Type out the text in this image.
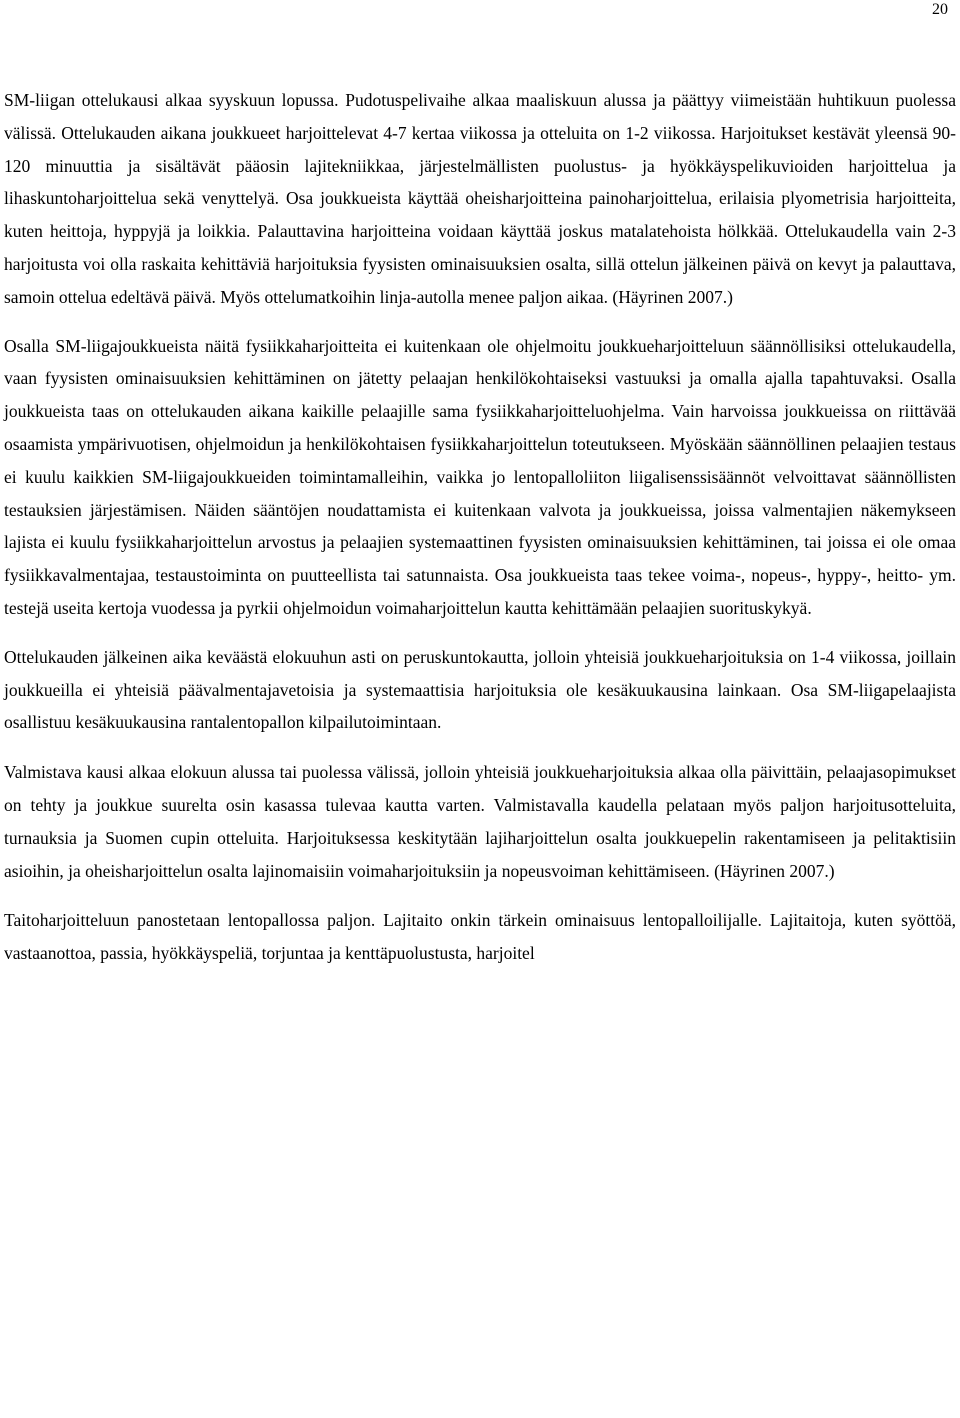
20

SM-liigan ottelukausi alkaa syyskuun lopussa. Pudotuspelivaihe alkaa maaliskuun alussa ja päättyy viimeistään huhtikuun puolessa välissä. Ottelukauden aikana joukkueet harjoittelevat 4-7 kertaa viikossa ja otteluita on 1-2 viikossa. Harjoitukset kestävät yleensä 90-120 minuuttia ja sisältävät pääosin lajitekniikkaa, järjestelmällisten puolustus- ja hyökkäyspelikuvioiden harjoittelua ja lihaskuntoharjoittelua sekä venyttelyä. Osa joukkueista käyttää oheisharjoitteina painoharjoittelua, erilaisia plyometrisia harjoitteita, kuten heittoja, hyppyjä ja loikkia. Palauttavina harjoitteina voidaan käyttää joskus matalatehoista hölkkää. Ottelukaudella vain 2-3 harjoitusta voi olla raskaita kehittäviä harjoituksia fyysisten ominaisuuksien osalta, sillä ottelun jälkeinen päivä on kevyt ja palauttava, samoin ottelua edeltävä päivä. Myös ottelumatkoihin linja-autolla menee paljon aikaa. (Häyrinen 2007.)

Osalla SM-liigajoukkueista näitä fysiikkaharjoitteita ei kuitenkaan ole ohjelmoitu joukkueharjoitteluun säännöllisiksi ottelukaudella, vaan fyysisten ominaisuuksien kehittäminen on jätetty pelaajan henkilökohtaiseksi vastuuksi ja omalla ajalla tapahtuvaksi. Osalla joukkueista taas on ottelukauden aikana kaikille pelaajille sama fysiikkaharjoitteluohjelma. Vain harvoissa joukkueissa on riittävää osaamista ympärivuotisen, ohjelmoidun ja henkilökohtaisen fysiikkaharjoittelun toteutukseen. Myöskään säännöllinen pelaajien testaus ei kuulu kaikkien SM-liigajoukkueiden toimintamalleihin, vaikka jo lentopalloliiton liigalisenssisäännöt velvoittavat säännöllisten testauksien järjestämisen. Näiden sääntöjen noudattamista ei kuitenkaan valvota ja joukkueissa, joissa valmentajien näkemykseen lajista ei kuulu fysiikkaharjoittelun arvostus ja pelaajien systemaattinen fyysisten ominaisuuksien kehittäminen, tai joissa ei ole omaa fysiikkavalmentajaa, testaustoiminta on puutteellista tai satunnaista. Osa joukkueista taas tekee voima-, nopeus-, hyppy-, heitto- ym. testejä useita kertoja vuodessa ja pyrkii ohjelmoidun voimaharjoittelun kautta kehittämään pelaajien suorituskykyä.

Ottelukauden jälkeinen aika keväästä elokuuhun asti on peruskuntokautta, jolloin yhteisiä joukkueharjoituksia on 1-4 viikossa, joillain joukkueilla ei yhteisiä päävalmentajavetoisia ja systemaattisia harjoituksia ole kesäkuukausina lainkaan. Osa SM-liigapelaajista osallistuu kesäkuukausina rantalentopallon kilpailutoimintaan.

Valmistava kausi alkaa elokuun alussa tai puolessa välissä, jolloin yhteisiä joukkueharjoituksia alkaa olla päivittäin, pelaajasopimukset on tehty ja joukkue suurelta osin kasassa tulevaa kautta varten. Valmistavalla kaudella pelataan myös paljon harjoitusotteluita, turnauksia ja Suomen cupin otteluita. Harjoituksessa keskitytään lajiharjoittelun osalta joukkuepelin rakentamiseen ja pelitaktisiin asioihin, ja oheisharjoittelun osalta lajinomaisiin voimaharjoituksiin ja nopeusvoiman kehittämiseen. (Häyrinen 2007.)

Taitoharjoitteluun panostetaan lentopallossa paljon. Lajitaito onkin tärkein ominaisuus lentopalloilijalle. Lajitaitoja, kuten syöttöä, vastaanottoa, passia, hyökkäyspeliä, torjuntaa ja kenttäpuolustusta, harjoitel
